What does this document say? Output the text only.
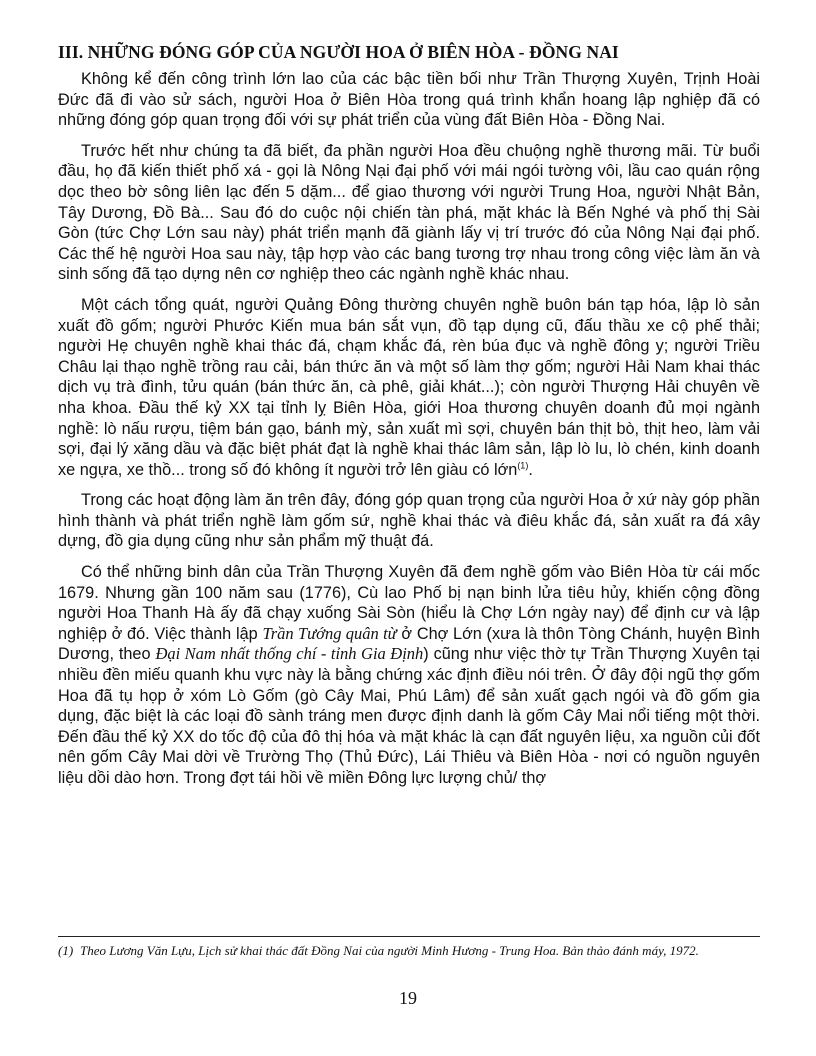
III. NHỮNG ĐÓNG GÓP CỦA NGƯỜI HOA Ở BIÊN HÒA - ĐỒNG NAI

Không kể đến công trình lớn lao của các bậc tiền bối như Trần Thượng Xuyên, Trịnh Hoài Đức đã đi vào sử sách, người Hoa ở Biên Hòa trong quá trình khẩn hoang lập nghiệp đã có những đóng góp quan trọng đối với sự phát triển của vùng đất Biên Hòa - Đồng Nai.

Trước hết như chúng ta đã biết, đa phần người Hoa đều chuộng nghề thương mãi. Từ buổi đầu, họ đã kiến thiết phố xá - gọi là Nông Nại đại phố với mái ngói tường vôi, lầu cao quán rộng dọc theo bờ sông liên lạc đến 5 dặm... để giao thương với người Trung Hoa, người Nhật Bản, Tây Dương, Đồ Bà... Sau đó do cuộc nội chiến tàn phá, mặt khác là Bến Nghé và phố thị Sài Gòn (tức Chợ Lớn sau này) phát triển mạnh đã giành lấy vị trí trước đó của Nông Nại đại phố. Các thế hệ người Hoa sau này, tập hợp vào các bang tương trợ nhau trong công việc làm ăn và sinh sống đã tạo dựng nên cơ nghiệp theo các ngành nghề khác nhau.

Một cách tổng quát, người Quảng Đông thường chuyên nghề buôn bán tạp hóa, lập lò sản xuất đồ gốm; người Phước Kiến mua bán sắt vụn, đồ tạp dụng cũ, đấu thầu xe cộ phế thải; người Hẹ chuyên nghề khai thác đá, chạm khắc đá, rèn búa đục và nghề đông y; người Triều Châu lại thạo nghề trồng rau cải, bán thức ăn và một số làm thợ gốm; người Hải Nam khai thác dịch vụ trà đình, tửu quán (bán thức ăn, cà phê, giải khát...); còn người Thượng Hải chuyên về nha khoa. Đầu thế kỷ XX tại tỉnh lỵ Biên Hòa, giới Hoa thương chuyên doanh đủ mọi ngành nghề: lò nấu rượu, tiệm bán gạo, bánh mỳ, sản xuất mì sợi, chuyên bán thịt bò, thịt heo, làm vải sợi, đại lý xăng dầu và đặc biệt phát đạt là nghề khai thác lâm sản, lập lò lu, lò chén, kinh doanh xe ngựa, xe thồ... trong số đó không ít người trở lên giàu có lớn$^{(1)}$.

Trong các hoạt động làm ăn trên đây, đóng góp quan trọng của người Hoa ở xứ này góp phần hình thành và phát triển nghề làm gốm sứ, nghề khai thác và điêu khắc đá, sản xuất ra đá xây dựng, đồ gia dụng cũng như sản phẩm mỹ thuật đá.

Có thể những binh dân của Trần Thượng Xuyên đã đem nghề gốm vào Biên Hòa từ cái mốc 1679. Nhưng gần 100 năm sau (1776), Cù lao Phố bị nạn binh lửa tiêu hủy, khiến cộng đồng người Hoa Thanh Hà ấy đã chạy xuống Sài Sòn (hiểu là Chợ Lớn ngày nay) để định cư và lập nghiệp ở đó. Việc thành lập Trần Tướng quân từ ở Chợ Lớn (xưa là thôn Tòng Chánh, huyện Bình Dương, theo Đại Nam nhất thống chí - tỉnh Gia Định) cũng như việc thờ tự Trần Thượng Xuyên tại nhiều đền miếu quanh khu vực này là bằng chứng xác định điều nói trên. Ở đây đội ngũ thợ gốm Hoa đã tụ họp ở xóm Lò Gốm (gò Cây Mai, Phú Lâm) để sản xuất gạch ngói và đồ gốm gia dụng, đặc biệt là các loại đồ sành tráng men được định danh là gốm Cây Mai nổi tiếng một thời. Đến đầu thế kỷ XX do tốc độ của đô thị hóa và mặt khác là cạn đất nguyên liệu, xa nguồn củi đốt nên gốm Cây Mai dời về Trường Thọ (Thủ Đức), Lái Thiêu và Biên Hòa - nơi có nguồn nguyên liệu dồi dào hơn. Trong đợt tái hồi về miền Đông lực lượng chủ/ thợ

(1) Theo Lương Văn Lựu, Lịch sử khai thác đất Đồng Nai của người Minh Hương - Trung Hoa. Bản thảo đánh máy, 1972.
19
